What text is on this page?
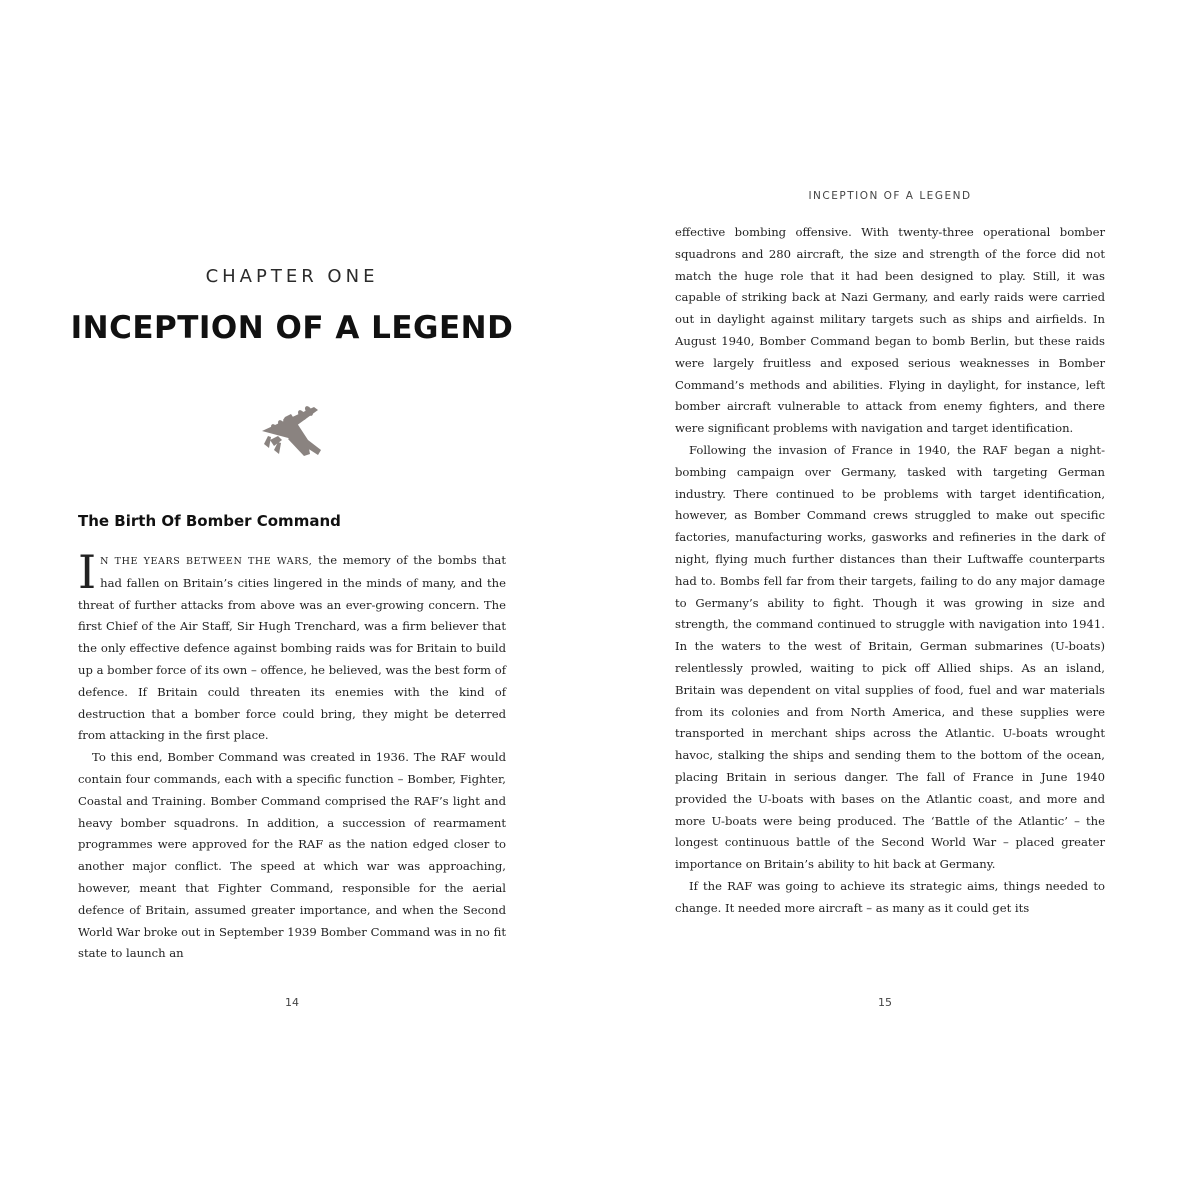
CHAPTER ONE
INCEPTION OF A LEGEND
The Birth Of Bomber Command

IN THE YEARS BETWEEN THE WARS, the memory of the bombs that had fallen on Britain’s cities lingered in the minds of many, and the threat of further attacks from above was an ever-growing concern. The first Chief of the Air Staff, Sir Hugh Trenchard, was a firm believer that the only effective defence against bombing raids was for Britain to build up a bomber force of its own – offence, he believed, was the best form of defence. If Britain could threaten its enemies with the kind of destruction that a bomber force could bring, they might be deterred from attacking in the first place.

To this end, Bomber Command was created in 1936. The RAF would contain four commands, each with a specific function – Bomber, Fighter, Coastal and Training. Bomber Command comprised the RAF’s light and heavy bomber squadrons. In addition, a succession of rearmament programmes were approved for the RAF as the nation edged closer to another major conflict. The speed at which war was approaching, however, meant that Fighter Command, responsible for the aerial defence of Britain, assumed greater importance, and when the Second World War broke out in September 1939 Bomber Command was in no fit state to launch an

14
INCEPTION OF A LEGEND

effective bombing offensive. With twenty-three operational bomber squadrons and 280 aircraft, the size and strength of the force did not match the huge role that it had been designed to play. Still, it was capable of striking back at Nazi Germany, and early raids were carried out in daylight against military targets such as ships and airfields. In August 1940, Bomber Command began to bomb Berlin, but these raids were largely fruitless and exposed serious weaknesses in Bomber Command’s methods and abilities. Flying in daylight, for instance, left bomber aircraft vulnerable to attack from enemy fighters, and there were significant problems with navigation and target identification.

Following the invasion of France in 1940, the RAF began a night-bombing campaign over Germany, tasked with targeting German industry. There continued to be problems with target identification, however, as Bomber Command crews struggled to make out specific factories, manufacturing works, gasworks and refineries in the dark of night, flying much further distances than their Luftwaffe counterparts had to. Bombs fell far from their targets, failing to do any major damage to Germany’s ability to fight. Though it was growing in size and strength, the command continued to struggle with navigation into 1941. In the waters to the west of Britain, German submarines (U-boats) relentlessly prowled, waiting to pick off Allied ships. As an island, Britain was dependent on vital supplies of food, fuel and war materials from its colonies and from North America, and these supplies were transported in merchant ships across the Atlantic. U-boats wrought havoc, stalking the ships and sending them to the bottom of the ocean, placing Britain in serious danger. The fall of France in June 1940 provided the U-boats with bases on the Atlantic coast, and more and more U-boats were being produced. The ‘Battle of the Atlantic’ – the longest continuous battle of the Second World War – placed greater importance on Britain’s ability to hit back at Germany.

If the RAF was going to achieve its strategic aims, things needed to change. It needed more aircraft – as many as it could get its

15
